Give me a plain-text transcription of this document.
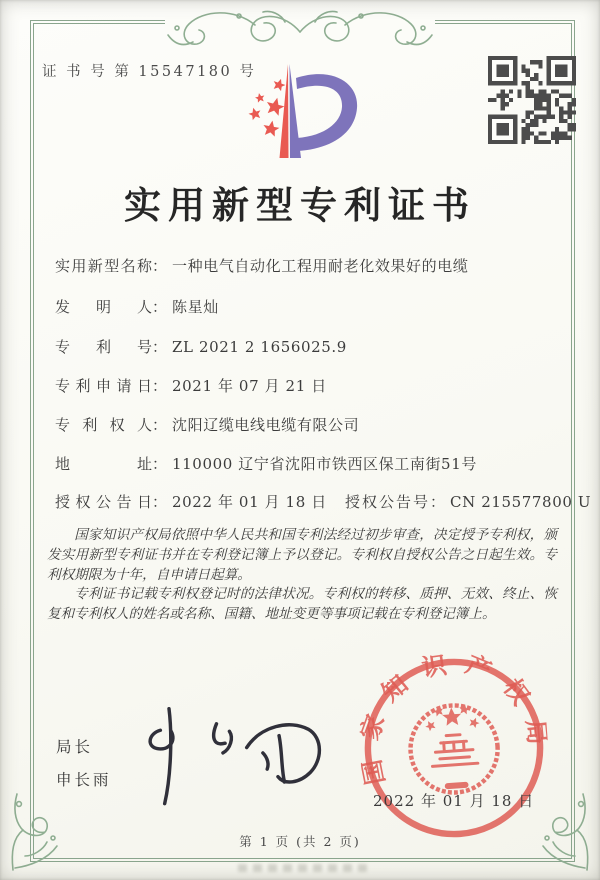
证 书 号 第 15547180 号
实用新型专利证书
实用新型名称： 一种电气自动化工程用耐老化效果好的电缆
发明人： 陈星灿
专利号： ZL 2021 2 1656025.9
专利申请日： 2021 年 07 月 21 日
专利权人： 沈阳辽缆电线电缆有限公司
地址： 110000 辽宁省沈阳市铁西区保工南街51号
授权公告日： 2022 年 01 月 18 日 授权公告号： CN 215577800 U

国家知识产权局依照中华人民共和国专利法经过初步审查，决定授予专利权，颁发实用新型专利证书并在专利登记簿上予以登记。专利权自授权公告之日起生效。专利权期限为十年，自申请日起算。

专利证书记载专利权登记时的法律状况。专利权的转移、质押、无效、终止、恢复和专利权人的姓名或名称、国籍、地址变更等事项记载在专利登记簿上。

局长
申长雨	国家知识产权局
2022 年 01 月 18 日
第 1 页 (共 2 页)
